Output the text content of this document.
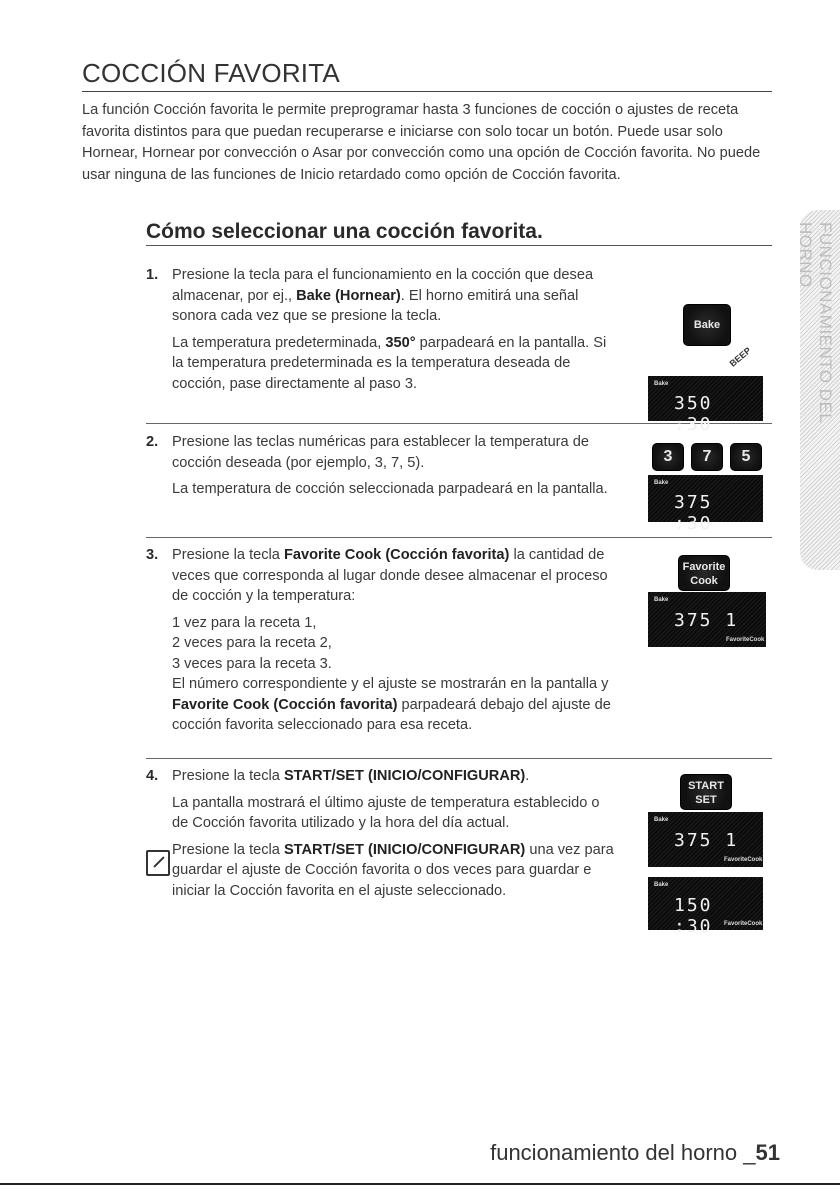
COCCIÓN FAVORITA

La función Cocción favorita le permite preprogramar hasta 3 funciones de cocción o ajustes de receta favorita distintos para que puedan recuperarse e iniciarse con solo tocar un botón. Puede usar solo Hornear, Hornear por convección o Asar por convección como una opción de Cocción favorita. No puede usar ninguna de las funciones de Inicio retardado como opción de Cocción favorita.

Cómo seleccionar una cocción favorita.	FUNCIONAMIENTO DEL HORNO
1. Presione la tecla para el funcionamiento en la cocción que desea almacenar, por ej., Bake (Hornear). El horno emitirá una señal sonora cada vez que se presione la tecla.

La temperatura predeterminada, 350° parpadeará en la pantalla. Si la temperatura predeterminada es la temperatura deseada de cocción, pase directamente al paso 3.

2. Presione las teclas numéricas para establecer la temperatura de cocción deseada (por ejemplo, 3, 7, 5).

La temperatura de cocción seleccionada parpadeará en la pantalla.

3. Presione la tecla Favorite Cook (Cocción favorita) la cantidad de veces que corresponda al lugar donde desee almacenar el proceso de cocción y la temperatura:

1 vez para la receta 1,
2 veces para la receta 2,
3 veces para la receta 3.
El número correspondiente y el ajuste se mostrarán en la pantalla y Favorite Cook (Cocción favorita) parpadeará debajo del ajuste de cocción favorita seleccionado para esa receta.
4. Presione la tecla START/SET (INICIO/CONFIGURAR).

La pantalla mostrará el último ajuste de temperatura establecido o de Cocción favorita utilizado y la hora del día actual.

Presione la tecla START/SET (INICIO/CONFIGURAR) una vez para guardar el ajuste de Cocción favorita o dos veces para guardar e iniciar la Cocción favorita en el ajuste seleccionado.

Bake
BEEP
Bake
350 :30
3	7	5
Bake
375 :30
Favorite
Cook
Bake
375 1
FavoriteCook
START
SET
Bake
375 1
FavoriteCook
Bake
150 :30	FavoriteCook
funcionamiento del horno _51
